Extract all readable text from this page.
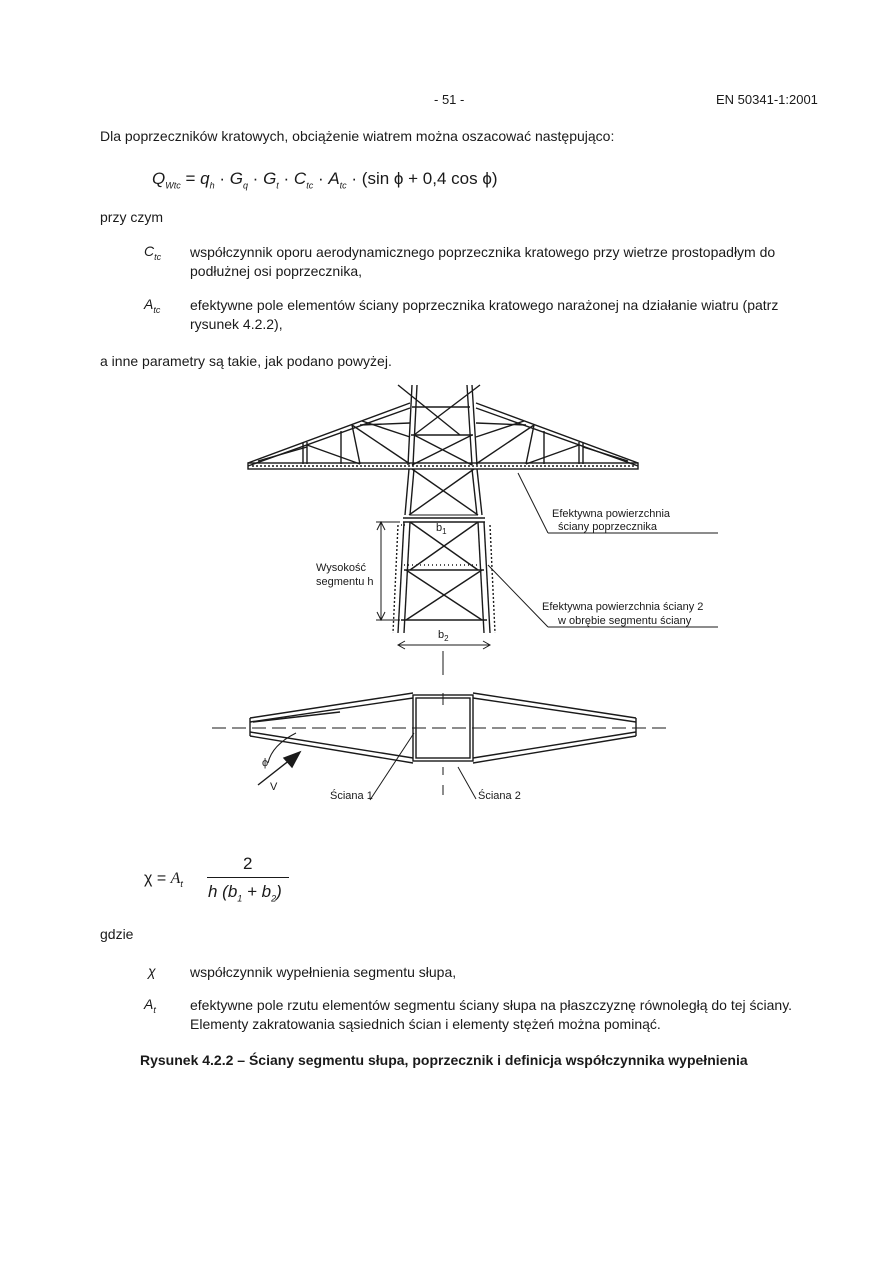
- 51 -	EN 50341-1:2001
Dla poprzeczników kratowych, obciążenie wiatrem można oszacować następująco:
$Q_{Wtc} = q_h \cdot G_q \cdot G_t \cdot C_{tc} \cdot A_{tc} \cdot (\sin$ ϕ + 0,4 cos ϕ)
przy czym
$C_{tc}$ współczynnik oporu aerodynamicznego poprzecznika kratowego przy wietrze prostopadłym do podłużnej osi poprzecznika,
$A_{tc}$ efektywne pole elementów ściany poprzecznika kratowego narażonej na działanie wiatru (patrz rysunek 4.2.2),
a inne parametry są takie, jak podano powyżej.
$b_1$
$b_2$
Wysokość
segmentu h
Efektywna powierzchnia
ściany poprzecznika
Efektywna powierzchnia ściany 2
w obrębie segmentu ściany
ϕ
V
Ściana 1	Ściana 2
$\chi = A_t$
2
h $(b_1 + b_2)$
gdzie
χ współczynnik wypełnienia segmentu słupa,
$A_t$ efektywne pole rzutu elementów segmentu ściany słupa na płaszczyznę równoległą do tej ściany. Elementy zakratowania sąsiednich ścian i elementy stężeń można pominąć.
Rysunek 4.2.2 – Ściany segmentu słupa, poprzecznik i definicja współczynnika wypełnienia
